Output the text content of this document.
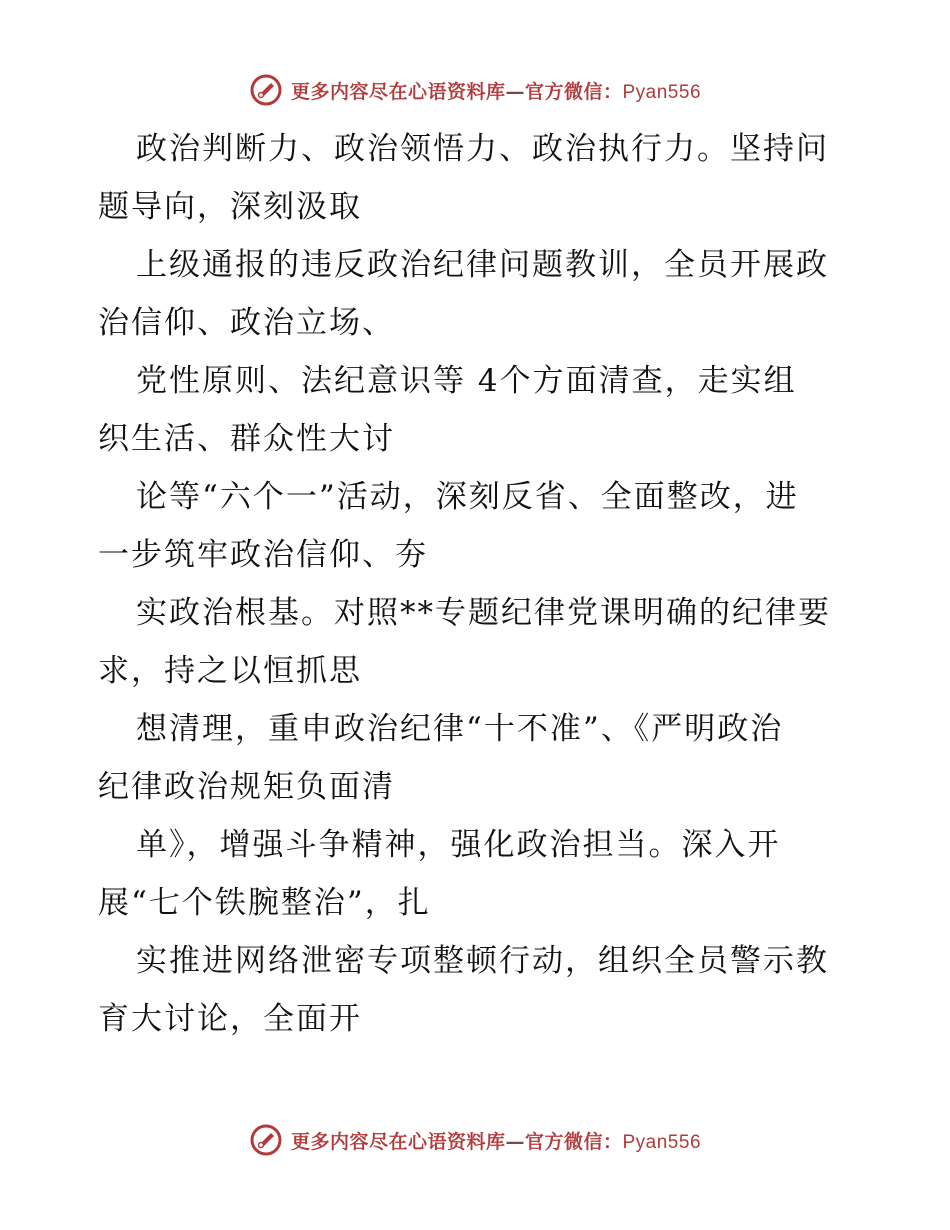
更多内容尽在心语资料库—官方微信：Pyan556

政治判断力、政治领悟力、政治执行力。坚持问
题导向，深刻汲取

上级通报的违反政治纪律问题教训，全员开展政
治信仰、政治立场、

党性原则、法纪意识等 4个方面清查，走实组
织生活、群众性大讨

论等“六个一”活动，深刻反省、全面整改，进
一步筑牢政治信仰、夯

实政治根基。对照**专题纪律党课明确的纪律要
求，持之以恒抓思

想清理，重申政治纪律“十不准”、《严明政治
纪律政治规矩负面清

单》，增强斗争精神，强化政治担当。深入开
展“七个铁腕整治”，扎

实推进网络泄密专项整顿行动，组织全员警示教
育大讨论，全面开

更多内容尽在心语资料库—官方微信：Pyan556
